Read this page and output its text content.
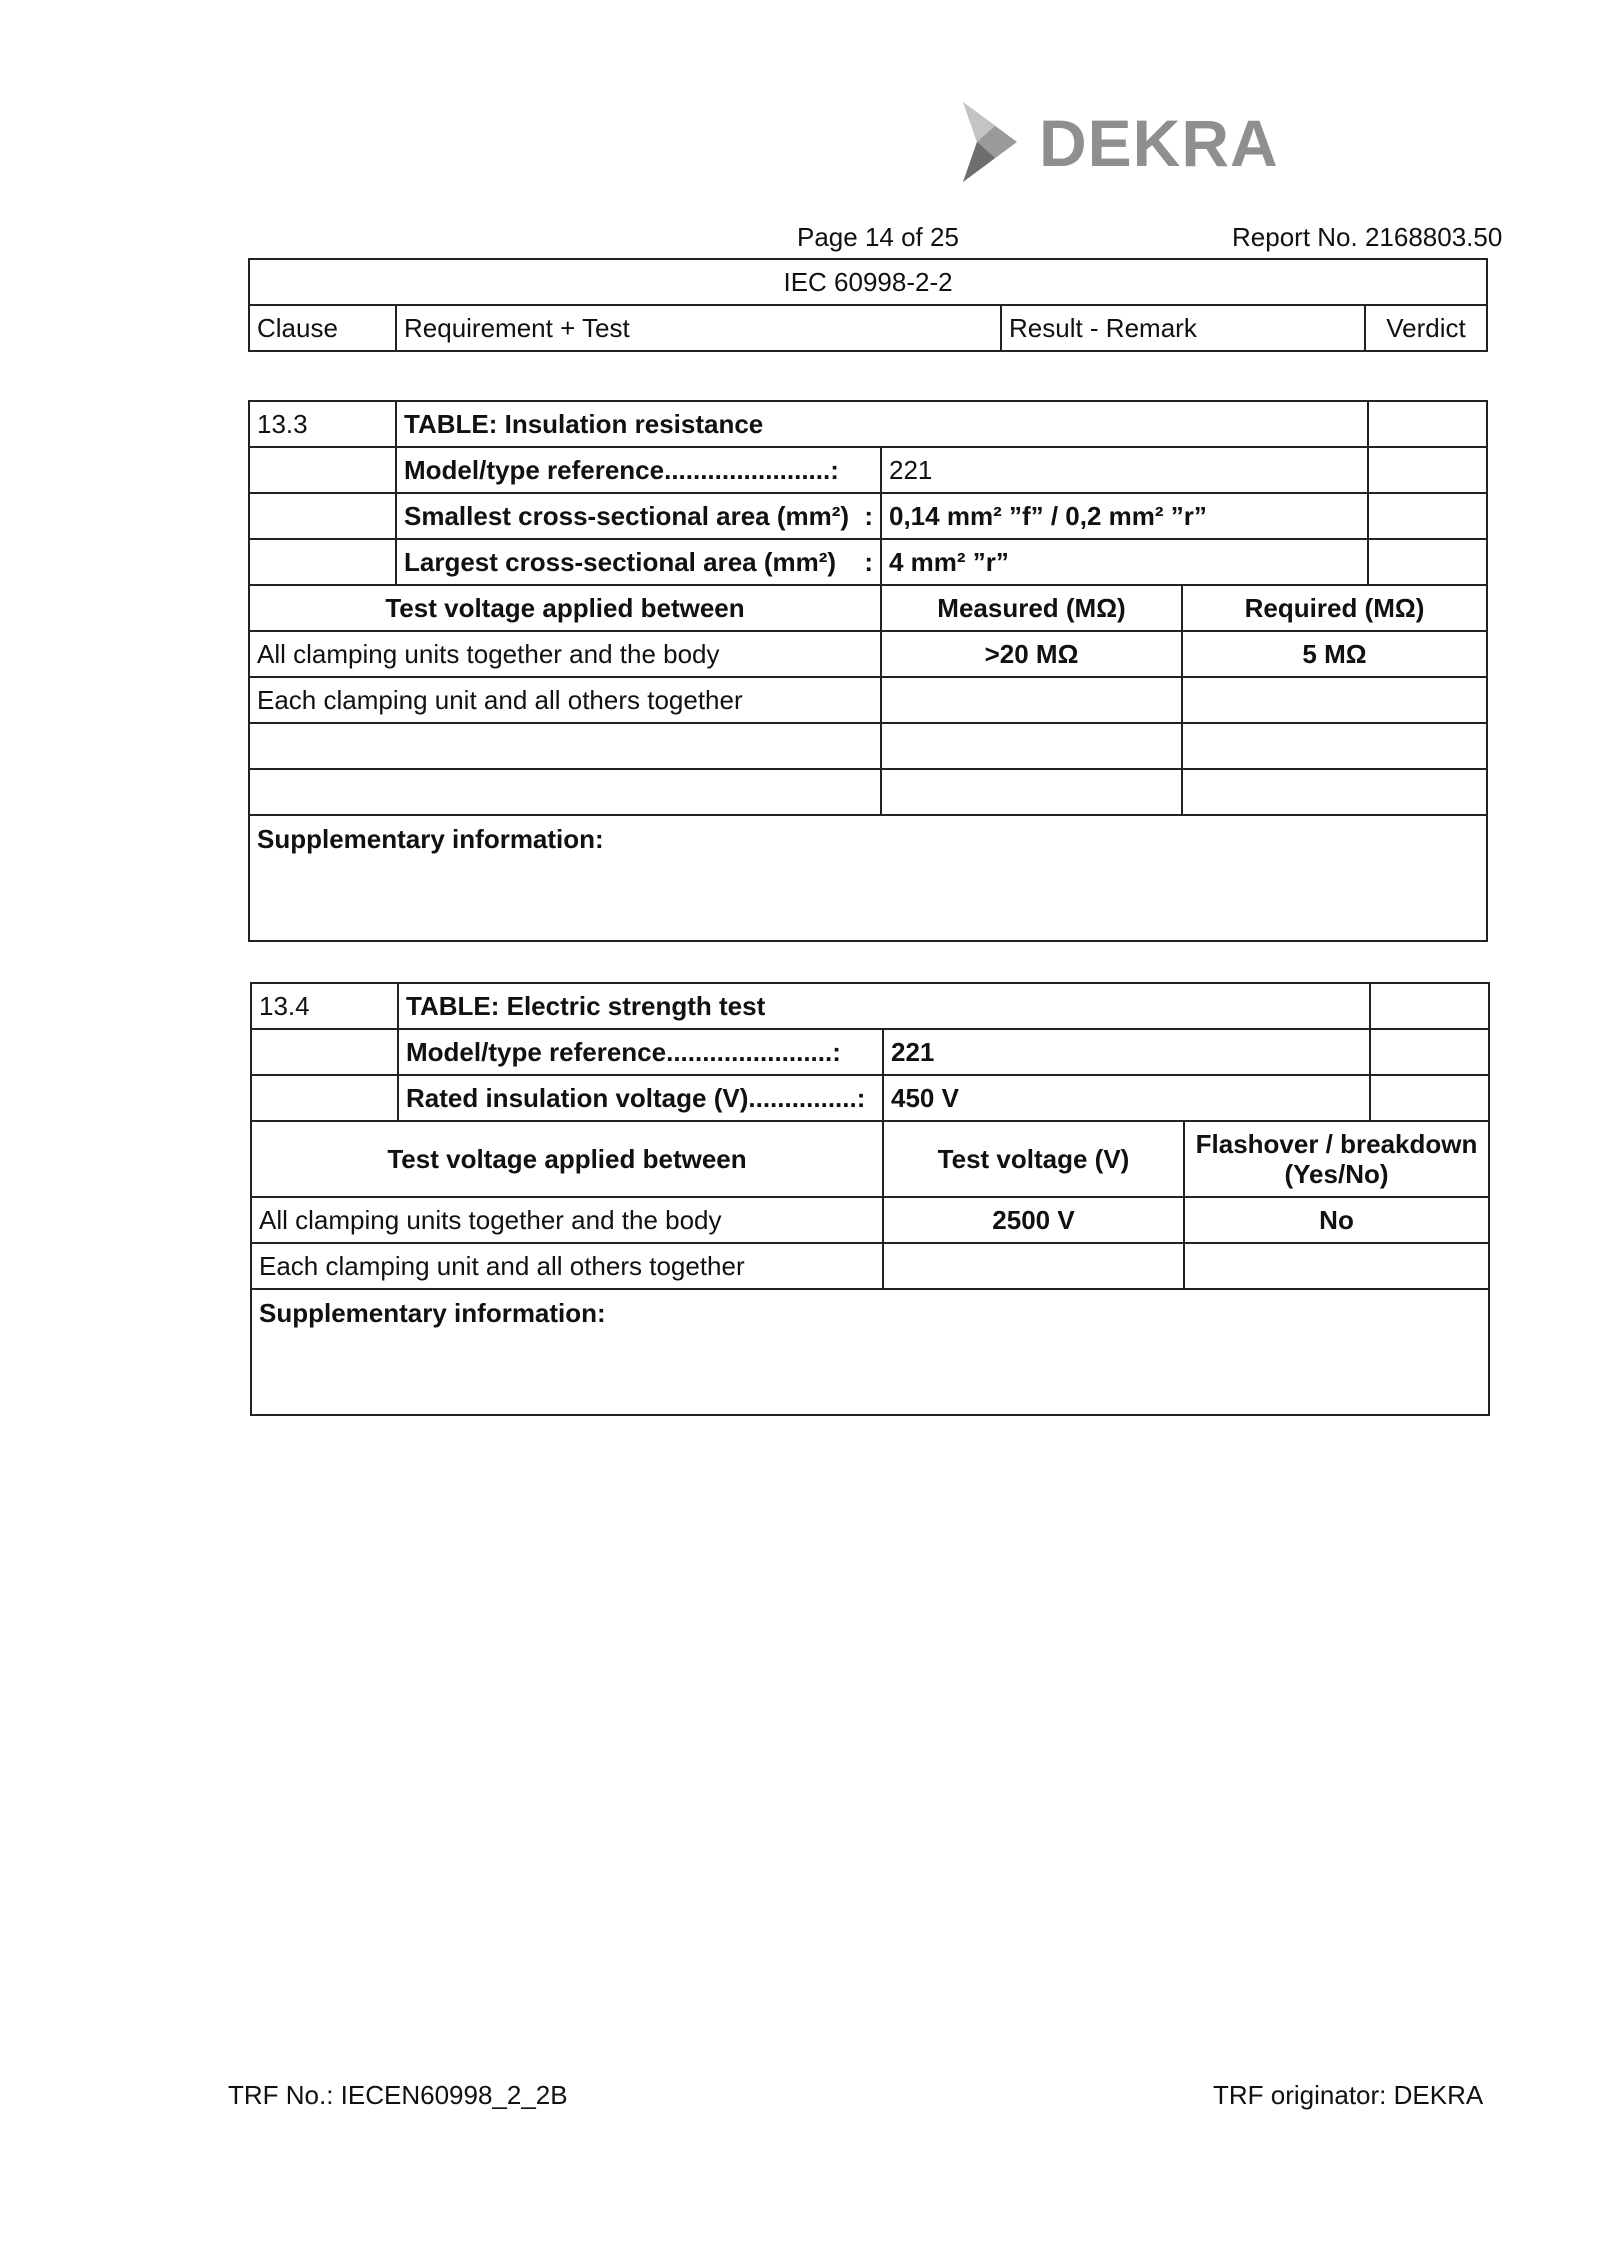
DEKRA
Page 14 of 25	Report No. 2168803.50
IEC 60998-2-2
Clause	Requirement + Test	Result - Remark	Verdict
13.3	TABLE: Insulation resistance			
	Model/type reference.......................:	221		
	Smallest cross-sectional area (mm²) :	0,14 mm² ”f” / 0,2 mm² ”r”		
	Largest cross-sectional area (mm²) :	4 mm² ”r”		
Test voltage applied between		Measured (MΩ)	Required (MΩ)	
All clamping units together and the body		>20 MΩ	5 MΩ	
Each clamping unit and all others together				

Supplementary information:				
13.4	TABLE: Electric strength test			
	Model/type reference.......................:	221		
	Rated insulation voltage (V)...............:	450 V		
Test voltage applied between		Test voltage (V)	Flashover / breakdown (Yes/No)	
All clamping units together and the body		2500 V	No	
Each clamping unit and all others together				
Supplementary information:				
TRF No.: IECEN60998_2_2B	TRF originator: DEKRA
